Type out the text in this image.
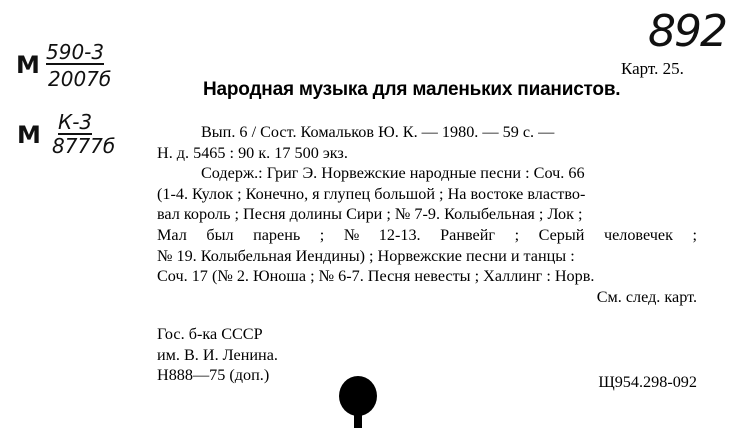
М 590-3
2007б
М К-3
8777б
892
Карт. 25.
Народная музыка для маленьких пианистов.
Вып. 6 / Сост. Комальков Ю. К. — 1980. — 59 с. —
Н. д. 5465 : 90 к. 17 500 экз.
Содерж.: Григ Э. Норвежские народные песни : Соч. 66
(1-4. Кулок ; Конечно, я глупец большой ; На востоке властво-
вал король ; Песня долины Сири ; № 7-9. Колыбельная ; Лок ;
Мал был парень ; № 12-13. Ранвейг ; Серый человечек ;
№ 19. Колыбельная Иендины) ; Норвежские песни и танцы :
Соч. 17 (№ 2. Юноша ; № 6-7. Песня невесты ; Халлинг : Норв.
См. след. карт.
Гос. б-ка СССР
им. В. И. Ленина.
Н888—75 (доп.)	Щ954.298-092
